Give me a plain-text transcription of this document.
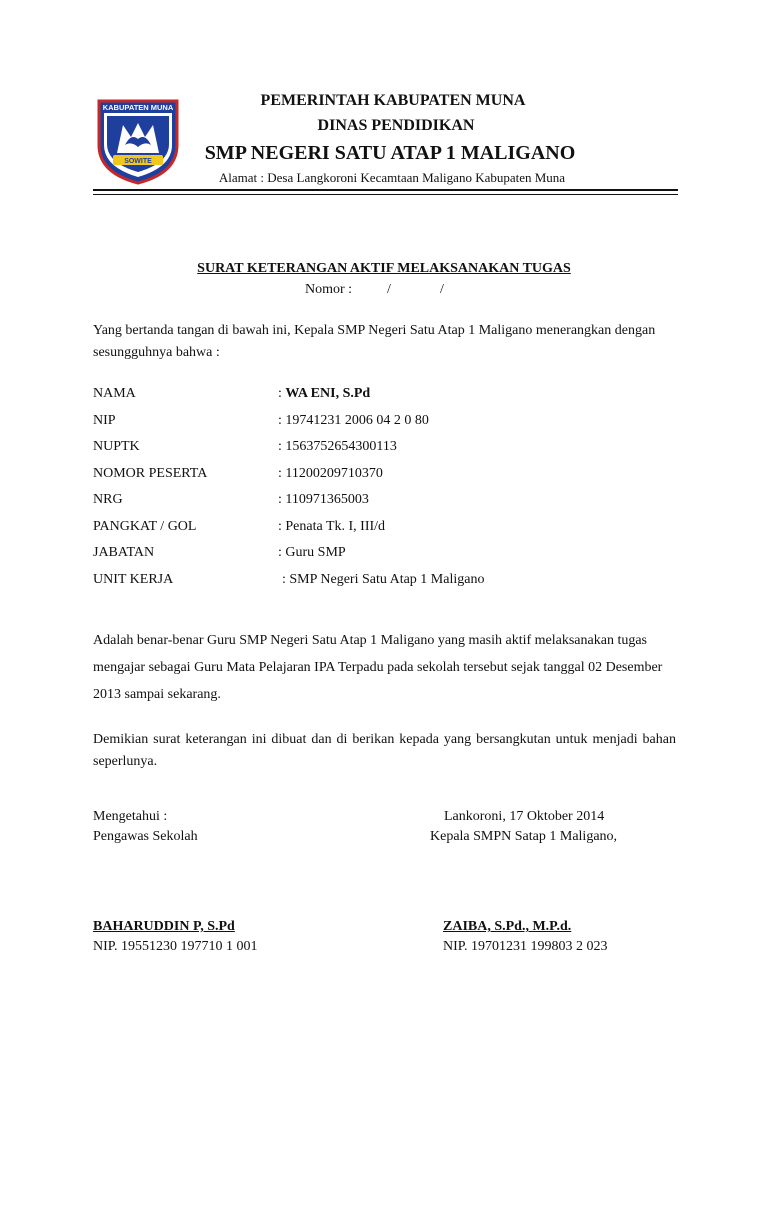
SOWITE
KABUPATEN MUNA	PEMERINTAH KABUPATEN MUNA
DINAS PENDIDIKAN
SMP NEGERI SATU ATAP 1 MALIGANO
Alamat : Desa Langkoroni Kecamtaan Maligano Kabupaten Muna
SURAT KETERANGAN AKTIF MELAKSANAKAN TUGAS
Nomor :          /              /
Yang bertanda tangan di bawah ini, Kepala SMP Negeri Satu Atap 1 Maligano menerangkan dengan sesungguhnya bahwa :
NAMA	: WA ENI, S.Pd
NIP	: 19741231 2006 04 2 0 80
NUPTK	: 1563752654300113
NOMOR PESERTA	: 11200209710370
NRG	: 110971365003
PANGKAT / GOL	: Penata Tk. I, III/d
JABATAN	: Guru SMP
UNIT KERJA	: SMP Negeri Satu Atap 1 Maligano
Adalah benar-benar Guru SMP Negeri Satu Atap 1 Maligano yang masih aktif melaksanakan tugas mengajar sebagai Guru Mata Pelajaran IPA Terpadu pada sekolah tersebut sejak tanggal 02 Desember 2013 sampai sekarang.
Demikian surat keterangan ini dibuat dan di berikan kepada yang bersangkutan untuk menjadi bahan seperlunya.
Mengetahui :
Pengawas Sekolah
Lankoroni, 17 Oktober 2014
Kepala SMPN Satap 1 Maligano,
BAHARUDDIN P, S.Pd
NIP. 19551230 197710 1 001
ZAIBA, S.Pd., M.P.d.
NIP. 19701231 199803 2 023
